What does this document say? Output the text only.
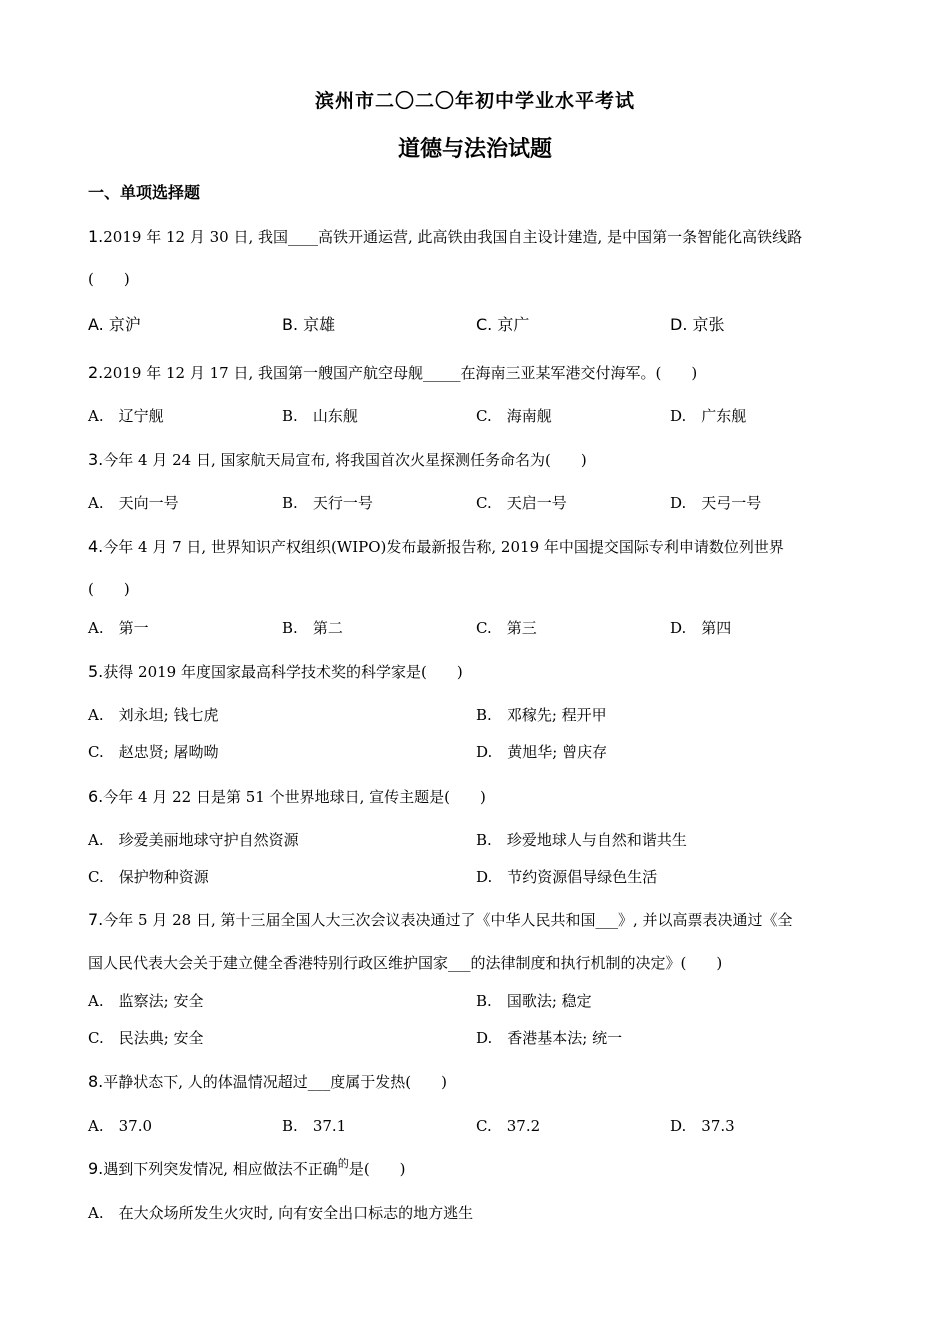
滨州市二〇二〇年初中学业水平考试
道德与法治试题
一、单项选择题
1.2019 年 12 月 30 日, 我国____高铁开通运营, 此高铁由我国自主设计建造, 是中国第一条智能化高铁线路
(　　)
A. 京沪	B. 京雄	C. 京广	D. 京张
2.2019 年 12 月 17 日, 我国第一艘国产航空母舰_____在海南三亚某军港交付海军。(　　)
A.　 辽宁舰	B.　 山东舰	C.　 海南舰	D.　 广东舰
3.今年 4 月 24 日, 国家航天局宣布, 将我国首次火星探测任务命名为(　　)
A.　 天向一号	B.　 天行一号	C.　 天启一号	D.　 天弓一号
4.今年 4 月 7 日, 世界知识产权组织(WIPO)发布最新报告称, 2019 年中国提交国际专利申请数位列世界
(　　)
A.　 第一	B.　 第二	C.　 第三	D.　 第四
5.获得 2019 年度国家最高科学技术奖的科学家是(　　)
A.　 刘永坦; 钱七虎	B.　 邓稼先; 程开甲
C.　 赵忠贤; 屠呦呦	D.　 黄旭华; 曾庆存
6.今年 4 月 22 日是第 51 个世界地球日, 宣传主题是(　　)
A.　 珍爱美丽地球守护自然资源	B.　 珍爱地球人与自然和谐共生
C.　 保护物种资源	D.　 节约资源倡导绿色生活
7.今年 5 月 28 日, 第十三届全国人大三次会议表决通过了《中华人民共和国___》, 并以高票表决通过《全
国人民代表大会关于建立健全香港特别行政区维护国家___的法律制度和执行机制的决定》(　　)
A.　 监察法; 安全	B.　 国歌法; 稳定
C.　 民法典; 安全	D.　 香港基本法; 统一
8.平静状态下, 人的体温情况超过___度属于发热(　　)
A.　 37.0	B.　 37.1	C.　 37.2	D.　 37.3
9.遇到下列突发情况, 相应做法不正确$^的$是(　　)
A.　 在大众场所发生火灾时, 向有安全出口标志的地方逃生
